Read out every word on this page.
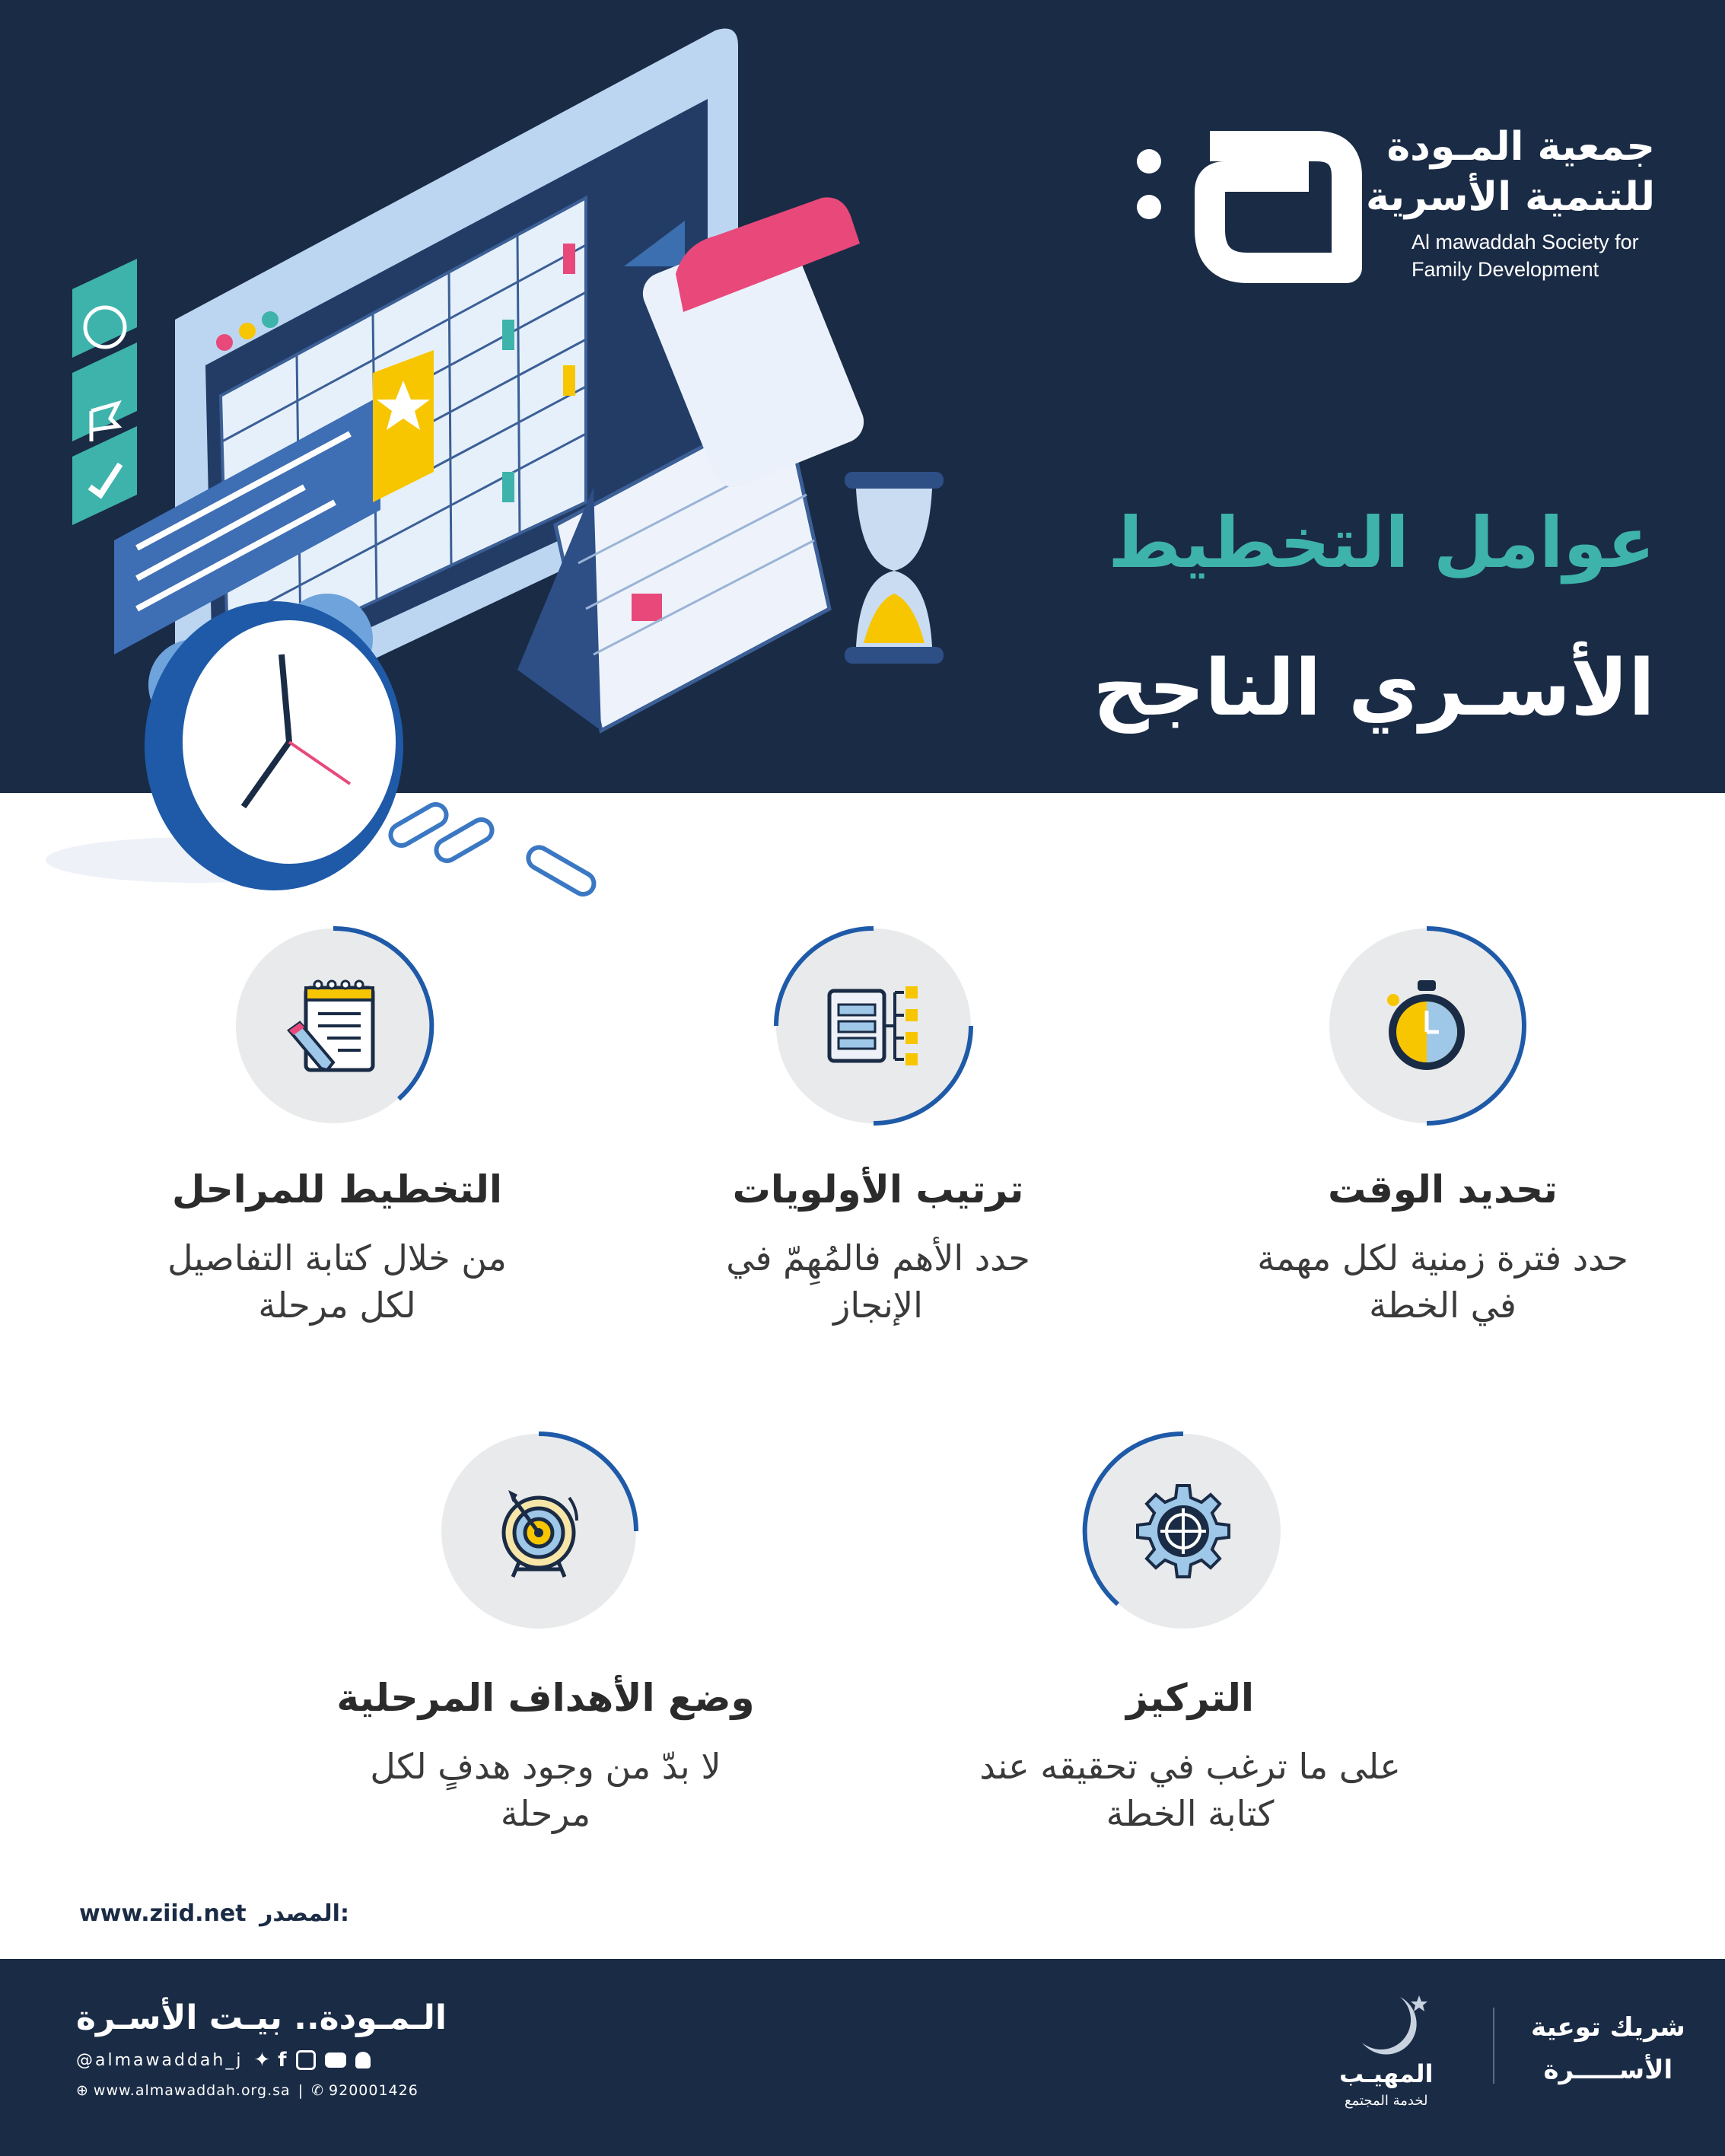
جمعية المـودة
للتنمية الأسرية
Al mawaddah Society for
Family Development
عوامل التخطيط
الأسـري الناجح
تحديد الوقت
حدد فترة زمنية لكل مهمة
في الخطة
ترتيب الأولويات
حدد الأهم فالمُهِمّ في
الإنجاز
التخطيط للمراحل
من خلال كتابة التفاصيل
لكل مرحلة
التركيز
على ما ترغب في تحقيقه عند
كتابة الخطة
وضع الأهداف المرحلية
لا بدّ من وجود هدفٍ لكل
مرحلة
www.ziid.net المصدر:
الـمـودة.. بيـت الأسـرة
@almawaddah_j ✦ f
⊕ www.almawaddah.org.sa | ✆ 920001426
المهيـب
لخدمة المجتمع
شريك توعية
الأســـــرة
